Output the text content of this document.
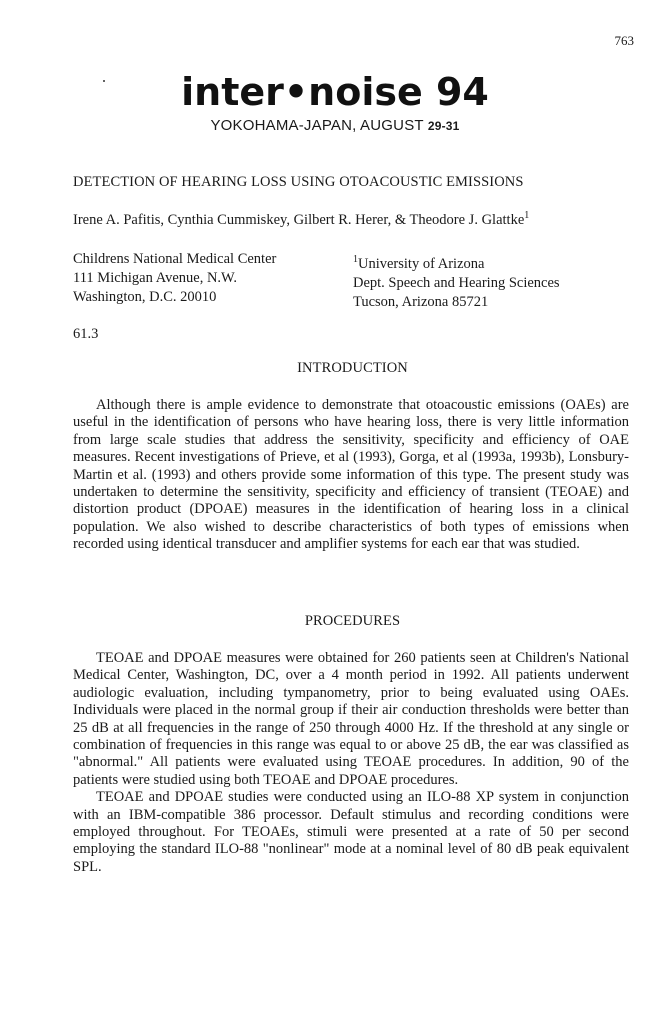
763
inter•noise 94
YOKOHAMA-JAPAN, AUGUST 29-31
DETECTION OF HEARING LOSS USING OTOACOUSTIC EMISSIONS
Irene A. Pafitis, Cynthia Cummiskey, Gilbert R. Herer, & Theodore J. Glattke$^1$
Childrens National Medical Center
111 Michigan Avenue, N.W.
Washington, D.C. 20010
$^1$University of Arizona
Dept. Speech and Hearing Sciences
Tucson, Arizona 85721
61.3
INTRODUCTION

Although there is ample evidence to demonstrate that otoacoustic emissions (OAEs) are useful in the identification of persons who have hearing loss, there is very little information from large scale studies that address the sensitivity, specificity and efficiency of OAE measures. Recent investigations of Prieve, et al (1993), Gorga, et al (1993a, 1993b), Lonsbury-Martin et al. (1993) and others provide some information of this type. The present study was undertaken to determine the sensitivity, specificity and efficiency of transient (TEOAE) and distortion product (DPOAE) measures in the identification of hearing loss in a clinical population. We also wished to describe characteristics of both types of emissions when recorded using identical transducer and amplifier systems for each ear that was studied.

PROCEDURES

TEOAE and DPOAE measures were obtained for 260 patients seen at Children's National Medical Center, Washington, DC, over a 4 month period in 1992. All patients underwent audiologic evaluation, including tympanometry, prior to being evaluated using OAEs. Individuals were placed in the normal group if their air conduction thresholds were better than 25 dB at all frequencies in the range of 250 through 4000 Hz. If the threshold at any single or combination of frequencies in this range was equal to or above 25 dB, the ear was classified as "abnormal." All patients were evaluated using TEOAE procedures. In addition, 90 of the patients were studied using both TEOAE and DPOAE procedures.

TEOAE and DPOAE studies were conducted using an ILO-88 XP system in conjunction with an IBM-compatible 386 processor. Default stimulus and recording conditions were employed throughout. For TEOAEs, stimuli were presented at a rate of 50 per second employing the standard ILO-88 "nonlinear" mode at a nominal level of 80 dB peak equivalent SPL.
